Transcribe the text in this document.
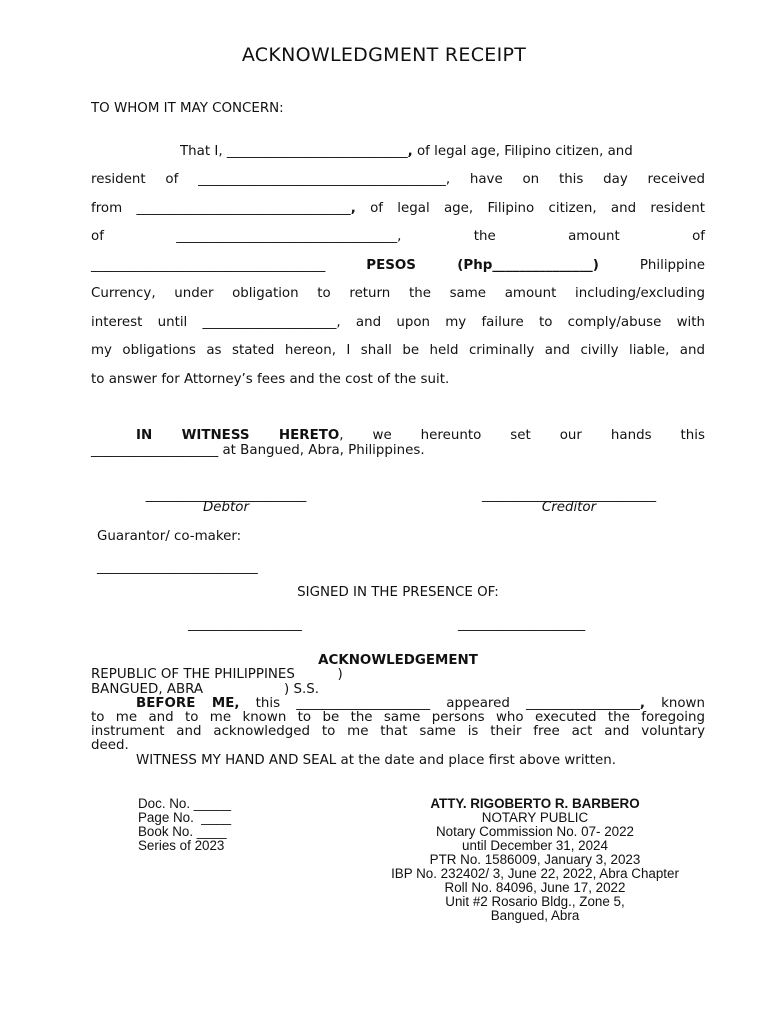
ACKNOWLEDGMENT RECEIPT
TO WHOM IT MAY CONCERN:
That I, ___________________________, of legal age, Filipino citizen, and
resident of _____________________________________, have on this day received
from ________________________________, of legal age, Filipino citizen, and resident
of _________________________________, the amount of
___________________________________ PESOS (Php_______________)	Philippine
Currency, under obligation to return the same amount including/excluding
interest until ____________________, and upon my failure to comply/abuse with
my obligations as stated hereon, I shall be held criminally and civilly liable, and
to answer for Attorney’s fees and the cost of the suit.
IN WITNESS HERETO, we hereunto set our hands this
___________________ at Bangued, Abra, Philippines.
________________________
Debtor
__________________________
Creditor
Guarantor/ co-maker:
________________________
SIGNED IN THE PRESENCE OF:
_________________	___________________
ACKNOWLEDGEMENT
REPUBLIC OF THE PHILIPPINES          )
BANGUED, ABRA                   ) S.S.
BEFORE ME, this ____________________ appeared _________________, known
to me and to me known to be the same persons who executed the foregoing
instrument and acknowledged to me that same is their free act and voluntary
deed.
WITNESS MY HAND AND SEAL at the date and place first above written.
Doc. No. _____
Page No.  ____
Book No. ____
Series of 2023
ATTY. RIGOBERTO R. BARBERO
NOTARY PUBLIC
Notary Commission No. 07- 2022
until December 31, 2024
PTR No. 1586009, January 3, 2023
IBP No. 232402/ 3, June 22, 2022, Abra Chapter
Roll No. 84096, June 17, 2022
Unit #2 Rosario Bldg., Zone 5,
Bangued, Abra
